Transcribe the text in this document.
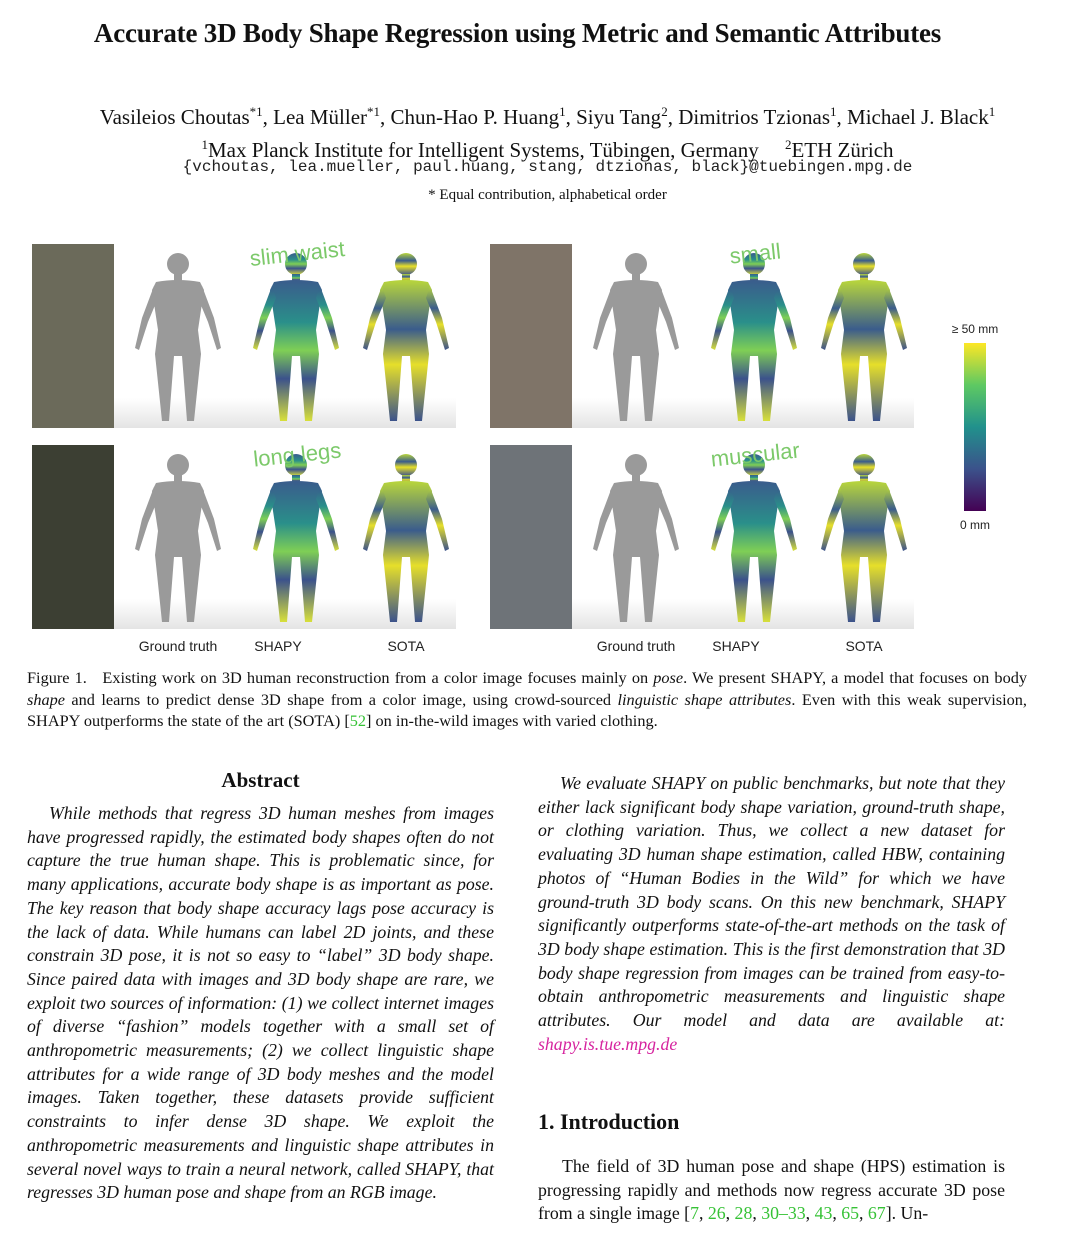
Accurate 3D Body Shape Regression using Metric and Semantic Attributes
Vasileios Choutas$^{*1}$, Lea Müller$^{*1}$, Chun-Hao P. Huang$^1$, Siyu Tang$^2$, Dimitrios Tzionas$^1$, Michael J. Black$^1$
$^1$Max Planck Institute for Intelligent Systems, Tübingen, Germany $^2$ETH Zürich
{vchoutas, lea.mueller, paul.huang, stang, dtzionas, black}@tuebingen.mpg.de
* Equal contribution, alphabetical order
slim waist	small
long legs	muscular
Ground truth	SHAPY	SOTA	Ground truth	SHAPY	SOTA
≥ 50 mm
0 mm
Figure 1. Existing work on 3D human reconstruction from a color image focuses mainly on pose. We present SHAPY, a model that focuses on body shape and learns to predict dense 3D shape from a color image, using crowd-sourced linguistic shape attributes. Even with this weak supervision, SHAPY outperforms the state of the art (SOTA) [52] on in-the-wild images with varied clothing.
Abstract
While methods that regress 3D human meshes from images have progressed rapidly, the estimated body shapes often do not capture the true human shape. This is problematic since, for many applications, accurate body shape is as important as pose. The key reason that body shape accuracy lags pose accuracy is the lack of data. While humans can label 2D joints, and these constrain 3D pose, it is not so easy to “label” 3D body shape. Since paired data with images and 3D body shape are rare, we exploit two sources of information: (1) we collect internet images of diverse “fashion” models together with a small set of anthropometric measurements; (2) we collect linguistic shape attributes for a wide range of 3D body meshes and the model images. Taken together, these datasets provide sufficient constraints to infer dense 3D shape. We exploit the anthropometric measurements and linguistic shape attributes in several novel ways to train a neural network, called SHAPY, that regresses 3D human pose and shape from an RGB image.
We evaluate SHAPY on public benchmarks, but note that they either lack significant body shape variation, ground-truth shape, or clothing variation. Thus, we collect a new dataset for evaluating 3D human shape estimation, called HBW, containing photos of “Human Bodies in the Wild” for which we have ground-truth 3D body scans. On this new benchmark, SHAPY significantly outperforms state-of-the-art methods on the task of 3D body shape estimation. This is the first demonstration that 3D body shape regression from images can be trained from easy-to-obtain anthropometric measurements and linguistic shape attributes. Our model and data are available at: shapy.is.tue.mpg.de
1. Introduction
The field of 3D human pose and shape (HPS) estimation is progressing rapidly and methods now regress accurate 3D pose from a single image [7, 26, 28, 30–33, 43, 65, 67]. Un-
